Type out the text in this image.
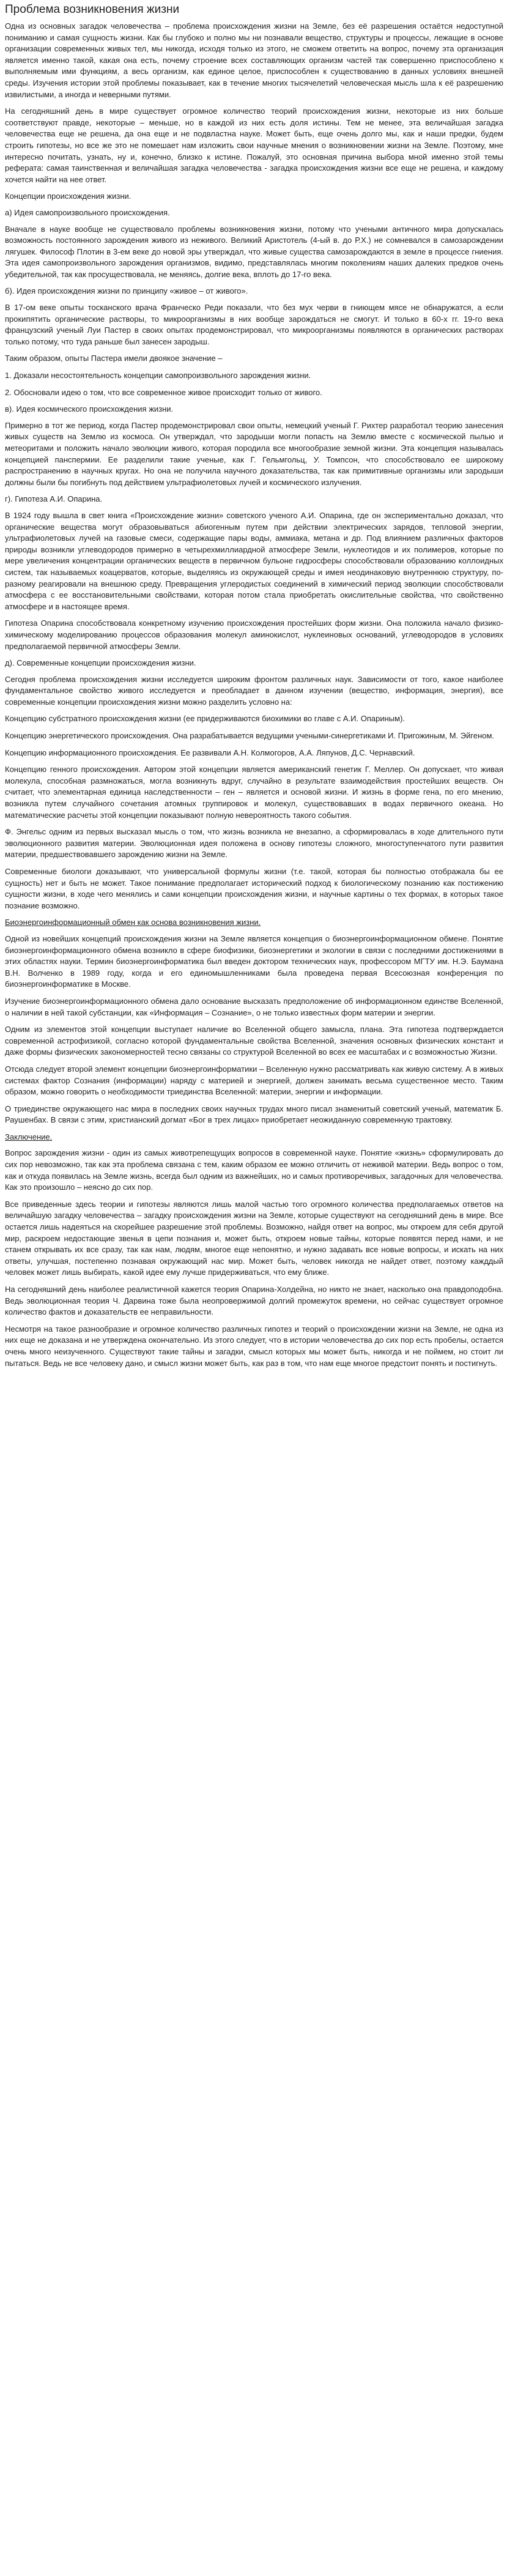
Проблема возникновения жизни

Одна из основных загадок человечества – проблема происхождения жизни на Земле, без её разрешения остаётся недоступной пониманию и самая сущность жизни. Как бы глубоко и полно мы ни познавали вещество, структуры и процессы, лежащие в основе организации современных живых тел, мы никогда, исходя только из этого, не сможем ответить на вопрос, почему эта организация является именно такой, какая она есть, почему строение всех составляющих организм частей так совершенно приспособлено к выполняемым ими функциям, а весь организм, как единое целое, приспособлен к существованию в данных условиях внешней среды. Изучения истории этой проблемы показывает, как в течение многих тысячелетий человеческая мысль шла к её разрешению извилистыми, а иногда и неверными путями.

На сегодняшний день в мире существует огромное количество теорий происхождения жизни, некоторые из них больше соответствуют правде, некоторые – меньше, но в каждой из них есть доля истины. Тем не менее, эта величайшая загадка человечества еще не решена, да она еще и не подвластна науке. Может быть, еще очень долго мы, как и наши предки, будем строить гипотезы, но все же это не помешает нам изложить свои научные мнения о возникновении жизни на Земле. Поэтому, мне интересно почитать, узнать, ну и, конечно, близко к истине. Пожалуй, это основная причина выбора мной именно этой темы реферата: самая таинственная и величайшая загадка человечества - загадка происхождения жизни все еще не решена, и каждому хочется найти на нее ответ.

Концепции происхождения жизни.

а) Идея самопроизвольного происхождения.

Вначале в науке вообще не существовало проблемы возникновения жизни, потому что учеными античного мира допускалась возможность постоянного зарождения живого из неживого. Великий Аристотель (4-ый в. до Р.Х.) не сомневался в самозарождении лягушек. Философ Плотин в 3-ем веке до новой эры утверждал, что живые существа самозарождаются в земле в процессе гниения. Эта идея самопроизвольного зарождения организмов, видимо, представлялась многим поколениям наших далеких предков очень убедительной, так как просуществовала, не меняясь, долгие века, вплоть до 17-го века.

б). Идея происхождения жизни по принципу «живое – от живого».

В 17-ом веке опыты тосканского врача Франческо Реди показали, что без мух черви в гниющем мясе не обнаружатся, а если прокипятить органические растворы, то микроорганизмы в них вообще зарождаться не смогут. И только в 60-х гг. 19-го века французский ученый Луи Пастер в своих опытах продемонстрировал, что микроорганизмы появляются в органических растворах только потому, что туда раньше был занесен зародыш.

Таким образом, опыты Пастера имели двоякое значение –

1. Доказали несостоятельность концепции самопроизвольного зарождения жизни.

2. Обосновали идею о том, что все современное живое происходит только от живого.

в). Идея космического происхождения жизни.

Примерно в тот же период, когда Пастер продемонстрировал свои опыты, немецкий ученый Г. Рихтер разработал теорию занесения живых существ на Землю из космоса. Он утверждал, что зародыши могли попасть на Землю вместе с космической пылью и метеоритами и положить начало эволюции живого, которая породила все многообразие земной жизни. Эта концепция называлась концепцией панспермии. Ее разделили такие ученые, как Г. Гельмгольц, У. Томпсон, что способствовало ее широкому распространению в научных кругах. Но она не получила научного доказательства, так как примитивные организмы или зародыши должны были бы погибнуть под действием ультрафиолетовых лучей и космического излучения.

г). Гипотеза А.И. Опарина.

В 1924 году вышла в свет книга «Происхождение жизни» советского ученого А.И. Опарина, где он экспериментально доказал, что органические вещества могут образовываться абиогенным путем при действии электрических зарядов, тепловой энергии, ультрафиолетовых лучей на газовые смеси, содержащие пары воды, аммиака, метана и др. Под влиянием различных факторов природы возникли углеводородов примерно в четырехмиллиардной атмосфере Земли, нуклеотидов и их полимеров, которые по мере увеличения концентрации органических веществ в первичном бульоне гидросферы способствовали образованию коллоидных систем, так называемых коацерватов, которые, выделяясь из окружающей среды и имея неодинаковую внутреннюю структуру, по-разному реагировали на внешнюю среду. Превращения углеродистых соединений в химический период эволюции способствовали атмосфера с ее восстановительными свойствами, которая потом стала приобретать окислительные свойства, что свойственно атмосфере и в настоящее время.

Гипотеза Опарина способствовала конкретному изучению происхождения простейших форм жизни. Она положила начало физико-химическому моделированию процессов образования молекул аминокислот, нуклеиновых оснований, углеводородов в условиях предполагаемой первичной атмосферы Земли.

д). Современные концепции происхождения жизни.

Сегодня проблема происхождения жизни исследуется широким фронтом различных наук. Зависимости от того, какое наиболее фундаментальное свойство живого исследуется и преобладает в данном изучении (вещество, информация, энергия), все современные концепции происхождения жизни можно разделить условно на:

Концепцию субстратного происхождения жизни (ее придерживаются биохимики во главе с А.И. Опариным).

Концепцию энергетического происхождения. Она разрабатывается ведущими учеными-синергетиками И. Пригожиным, М. Эйгеном.

Концепцию информационного происхождения. Ее развивали А.Н. Колмогоров, А.А. Ляпунов, Д.С. Чернавский.

Концепцию генного происхождения. Автором этой концепции является американский генетик Г. Меллер. Он допускает, что живая молекула, способная размножаться, могла возникнуть вдруг, случайно в результате взаимодействия простейших веществ. Он считает, что элементарная единица наследственности – ген – является и основой жизни. И жизнь в форме гена, по его мнению, возникла путем случайного сочетания атомных группировок и молекул, существовавших в водах первичного океана. Но математические расчеты этой концепции показывают полную невероятность такого события.

Ф. Энгельс одним из первых высказал мысль о том, что жизнь возникла не внезапно, а сформировалась в ходе длительного пути эволюционного развития материи. Эволюционная идея положена в основу гипотезы сложного, многоступенчатого пути развития материи, предшествовавшего зарождению жизни на Земле.

Современные биологи доказывают, что универсальной формулы жизни (т.е. такой, которая бы полностью отображала бы ее сущность) нет и быть не может. Такое понимание предполагает исторический подход к биологическому познанию как постижению сущности жизни, в ходе чего менялись и сами концепции происхождения жизни, и научные картины о тех формах, в которых такое познание возможно.

Биоэнергоинформационный обмен как основа возникновения жизни.

Одной из новейших концепций происхождения жизни на Земле является концепция о биоэнергоинформационном обмене. Понятие биоэнергоинформационного обмена возникло в сфере биофизики, биоэнергетики и экологии в связи с последними достижениями в этих областях науки. Термин биоэнергоинформатика был введен доктором технических наук, профессором МГТУ им. Н.Э. Баумана В.Н. Волченко в 1989 году, когда и его единомышленниками была проведена первая Всесоюзная конференция по биоэнергоинформатике в Москве.

Изучение биоэнергоинформационного обмена дало основание высказать предположение об информационном единстве Вселенной, о наличии в ней такой субстанции, как «Информация – Сознание», о не только известных форм материи и энергии.

Одним из элементов этой концепции выступает наличие во Вселенной общего замысла, плана. Эта гипотеза подтверждается современной астрофизикой, согласно которой фундаментальные свойства Вселенной, значения основных физических констант и даже формы физических закономерностей тесно связаны со структурой Вселенной во всех ее масштабах и с возможностью Жизни.

Отсюда следует второй элемент концепции биоэнергоинформатики – Вселенную нужно рассматривать как живую систему. А в живых системах фактор Сознания (информации) наряду с материей и энергией, должен занимать весьма существенное место. Таким образом, можно говорить о необходимости триединства Вселенной: материи, энергии и информации.

О триединстве окружающего нас мира в последних своих научных трудах много писал знаменитый советский ученый, математик Б. Раушенбах. В связи с этим, христианский догмат «Бог в трех лицах» приобретает неожиданную современную трактовку.

Заключение.

Вопрос зарождения жизни - один из самых животрепещущих вопросов в современной науке. Понятие «жизнь» сформулировать до сих пор невозможно, так как эта проблема связана с тем, каким образом ее можно отличить от неживой материи. Ведь вопрос о том, как и откуда появилась на Земле жизнь, всегда был одним из важнейших, но и самых противоречивых, загадочных для человечества. Как это произошло – неясно до сих пор.

Все приведенные здесь теории и гипотезы являются лишь малой частью того огромного количества предполагаемых ответов на величайшую загадку человечества – загадку происхождения жизни на Земле, которые существуют на сегодняшний день в мире. Все остается лишь надеяться на скорейшее разрешение этой проблемы. Возможно, найдя ответ на вопрос, мы откроем для себя другой мир, раскроем недостающие звенья в цепи познания и, может быть, откроем новые тайны, которые появятся перед нами, и не станем открывать их все сразу, так как нам, людям, многое еще непонятно, и нужно задавать все новые вопросы, и искать на них ответы, улучшая, постепенно познавая окружающий нас мир. Может быть, человек никогда не найдет ответ, поэтому кажддый человек может лишь выбирать, какой идее ему лучше придерживаться, что ему ближе.

На сегодняшний день наиболее реалистичной кажется теория Опарина-Холдейна, но никто не знает, насколько она правдоподобна. Ведь эволюционная теория Ч. Дарвина тоже была неопровержимой долгий промежуток времени, но сейчас существует огромное количество фактов и доказательств ее неправильности.

Несмотря на такое разнообразие и огромное количество различных гипотез и теорий о происхождении жизни на Земле, не одна из них еще не доказана и не утверждена окончательно. Из этого следует, что в истории человечества до сих пор есть пробелы, остается очень много неизученного. Существуют такие тайны и загадки, смысл которых мы может быть, никогда и не поймем, но стоит ли пытаться. Ведь не все человеку дано, и смысл жизни может быть, как раз в том, что нам еще многое предстоит понять и постигнуть.
